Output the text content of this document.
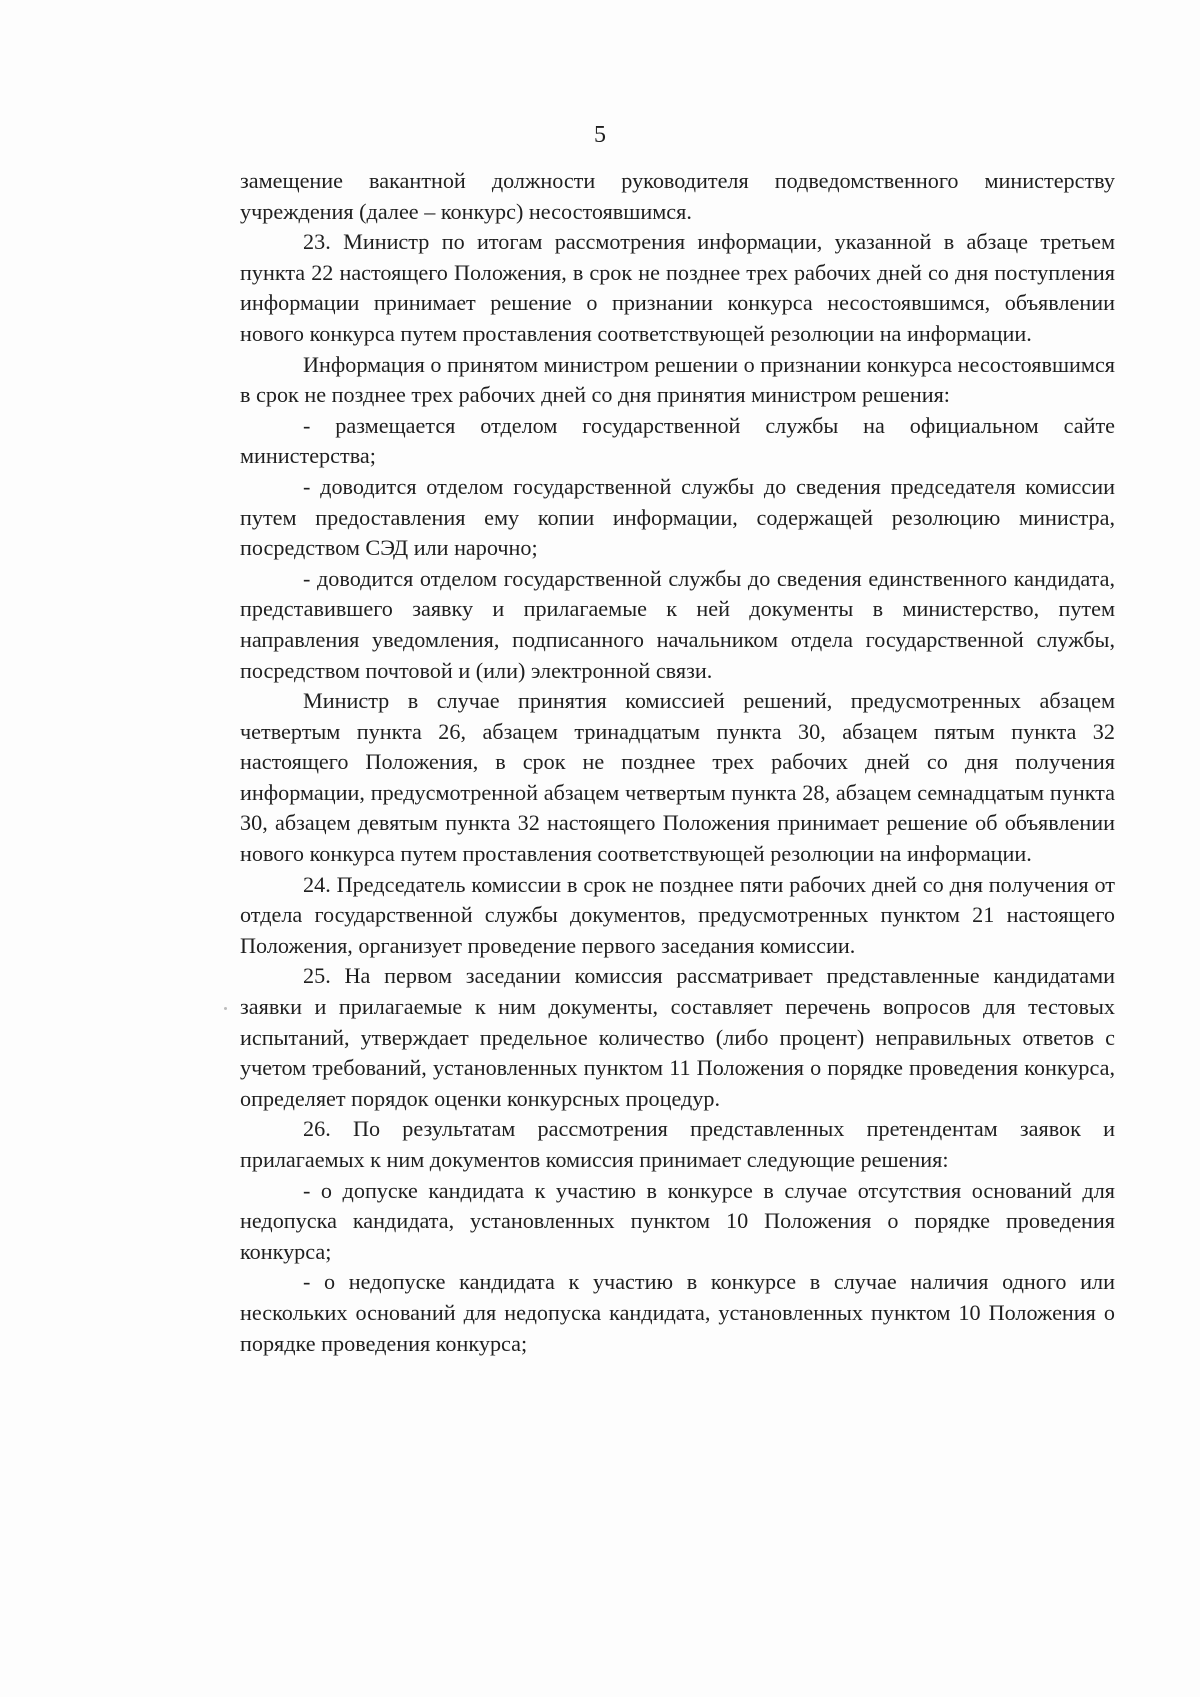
5

замещение вакантной должности руководителя подведомственного министерству учреждения (далее – конкурс) несостоявшимся.

23. Министр по итогам рассмотрения информации, указанной в абзаце третьем пункта 22 настоящего Положения, в срок не позднее трех рабочих дней со дня поступления информации принимает решение о признании конкурса несостоявшимся, объявлении нового конкурса путем проставления соответствующей резолюции на информации.

Информация о принятом министром решении о признании конкурса несостоявшимся в срок не позднее трех рабочих дней со дня принятия министром решения:

- размещается отделом государственной службы на официальном сайте министерства;

- доводится отделом государственной службы до сведения председателя комиссии путем предоставления ему копии информации, содержащей резолюцию министра, посредством СЭД или нарочно;

- доводится отделом государственной службы до сведения единственного кандидата, представившего заявку и прилагаемые к ней документы в министерство, путем направления уведомления, подписанного начальником отдела государственной службы, посредством почтовой и (или) электронной связи.

Министр в случае принятия комиссией решений, предусмотренных абзацем четвертым пункта 26, абзацем тринадцатым пункта 30, абзацем пятым пункта 32 настоящего Положения, в срок не позднее трех рабочих дней со дня получения информации, предусмотренной абзацем четвертым пункта 28, абзацем семнадцатым пункта 30, абзацем девятым пункта 32 настоящего Положения принимает решение об объявлении нового конкурса путем проставления соответствующей резолюции на информации.

24. Председатель комиссии в срок не позднее пяти рабочих дней со дня получения от отдела государственной службы документов, предусмотренных пунктом 21 настоящего Положения, организует проведение первого заседания комиссии.

25. На первом заседании комиссия рассматривает представленные кандидатами заявки и прилагаемые к ним документы, составляет перечень вопросов для тестовых испытаний, утверждает предельное количество (либо процент) неправильных ответов с учетом требований, установленных пунктом 11 Положения о порядке проведения конкурса, определяет порядок оценки конкурсных процедур.

26. По результатам рассмотрения представленных претендентам заявок и прилагаемых к ним документов комиссия принимает следующие решения:

- о допуске кандидата к участию в конкурсе в случае отсутствия оснований для недопуска кандидата, установленных пунктом 10 Положения о порядке проведения конкурса;

- о недопуске кандидата к участию в конкурсе в случае наличия одного или нескольких оснований для недопуска кандидата, установленных пунктом 10 Положения о порядке проведения конкурса;
